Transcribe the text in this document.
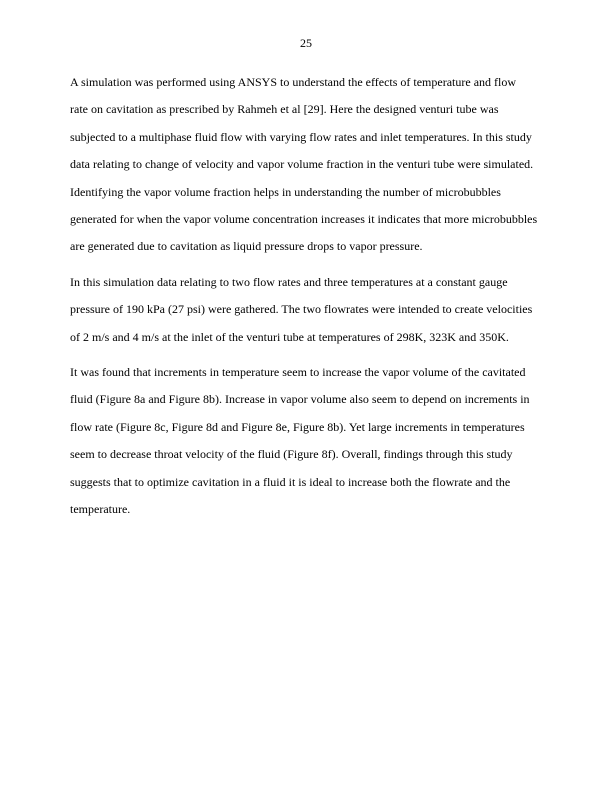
25

A simulation was performed using ANSYS to understand the effects of temperature and flow
rate on cavitation as prescribed by Rahmeh et al [29]. Here the designed venturi tube was
subjected to a multiphase fluid flow with varying flow rates and inlet temperatures. In this study
data relating to change of velocity and vapor volume fraction in the venturi tube were simulated.
Identifying the vapor volume fraction helps in understanding the number of microbubbles
generated for when the vapor volume concentration increases it indicates that more microbubbles
are generated due to cavitation as liquid pressure drops to vapor pressure.

In this simulation data relating to two flow rates and three temperatures at a constant gauge
pressure of 190 kPa (27 psi) were gathered. The two flowrates were intended to create velocities
of 2 m/s and 4 m/s at the inlet of the venturi tube at temperatures of 298K, 323K and 350K.

It was found that increments in temperature seem to increase the vapor volume of the cavitated
fluid (Figure 8a and Figure 8b). Increase in vapor volume also seem to depend on increments in
flow rate (Figure 8c, Figure 8d and Figure 8e, Figure 8b). Yet large increments in temperatures
seem to decrease throat velocity of the fluid (Figure 8f). Overall, findings through this study
suggests that to optimize cavitation in a fluid it is ideal to increase both the flowrate and the
temperature.
